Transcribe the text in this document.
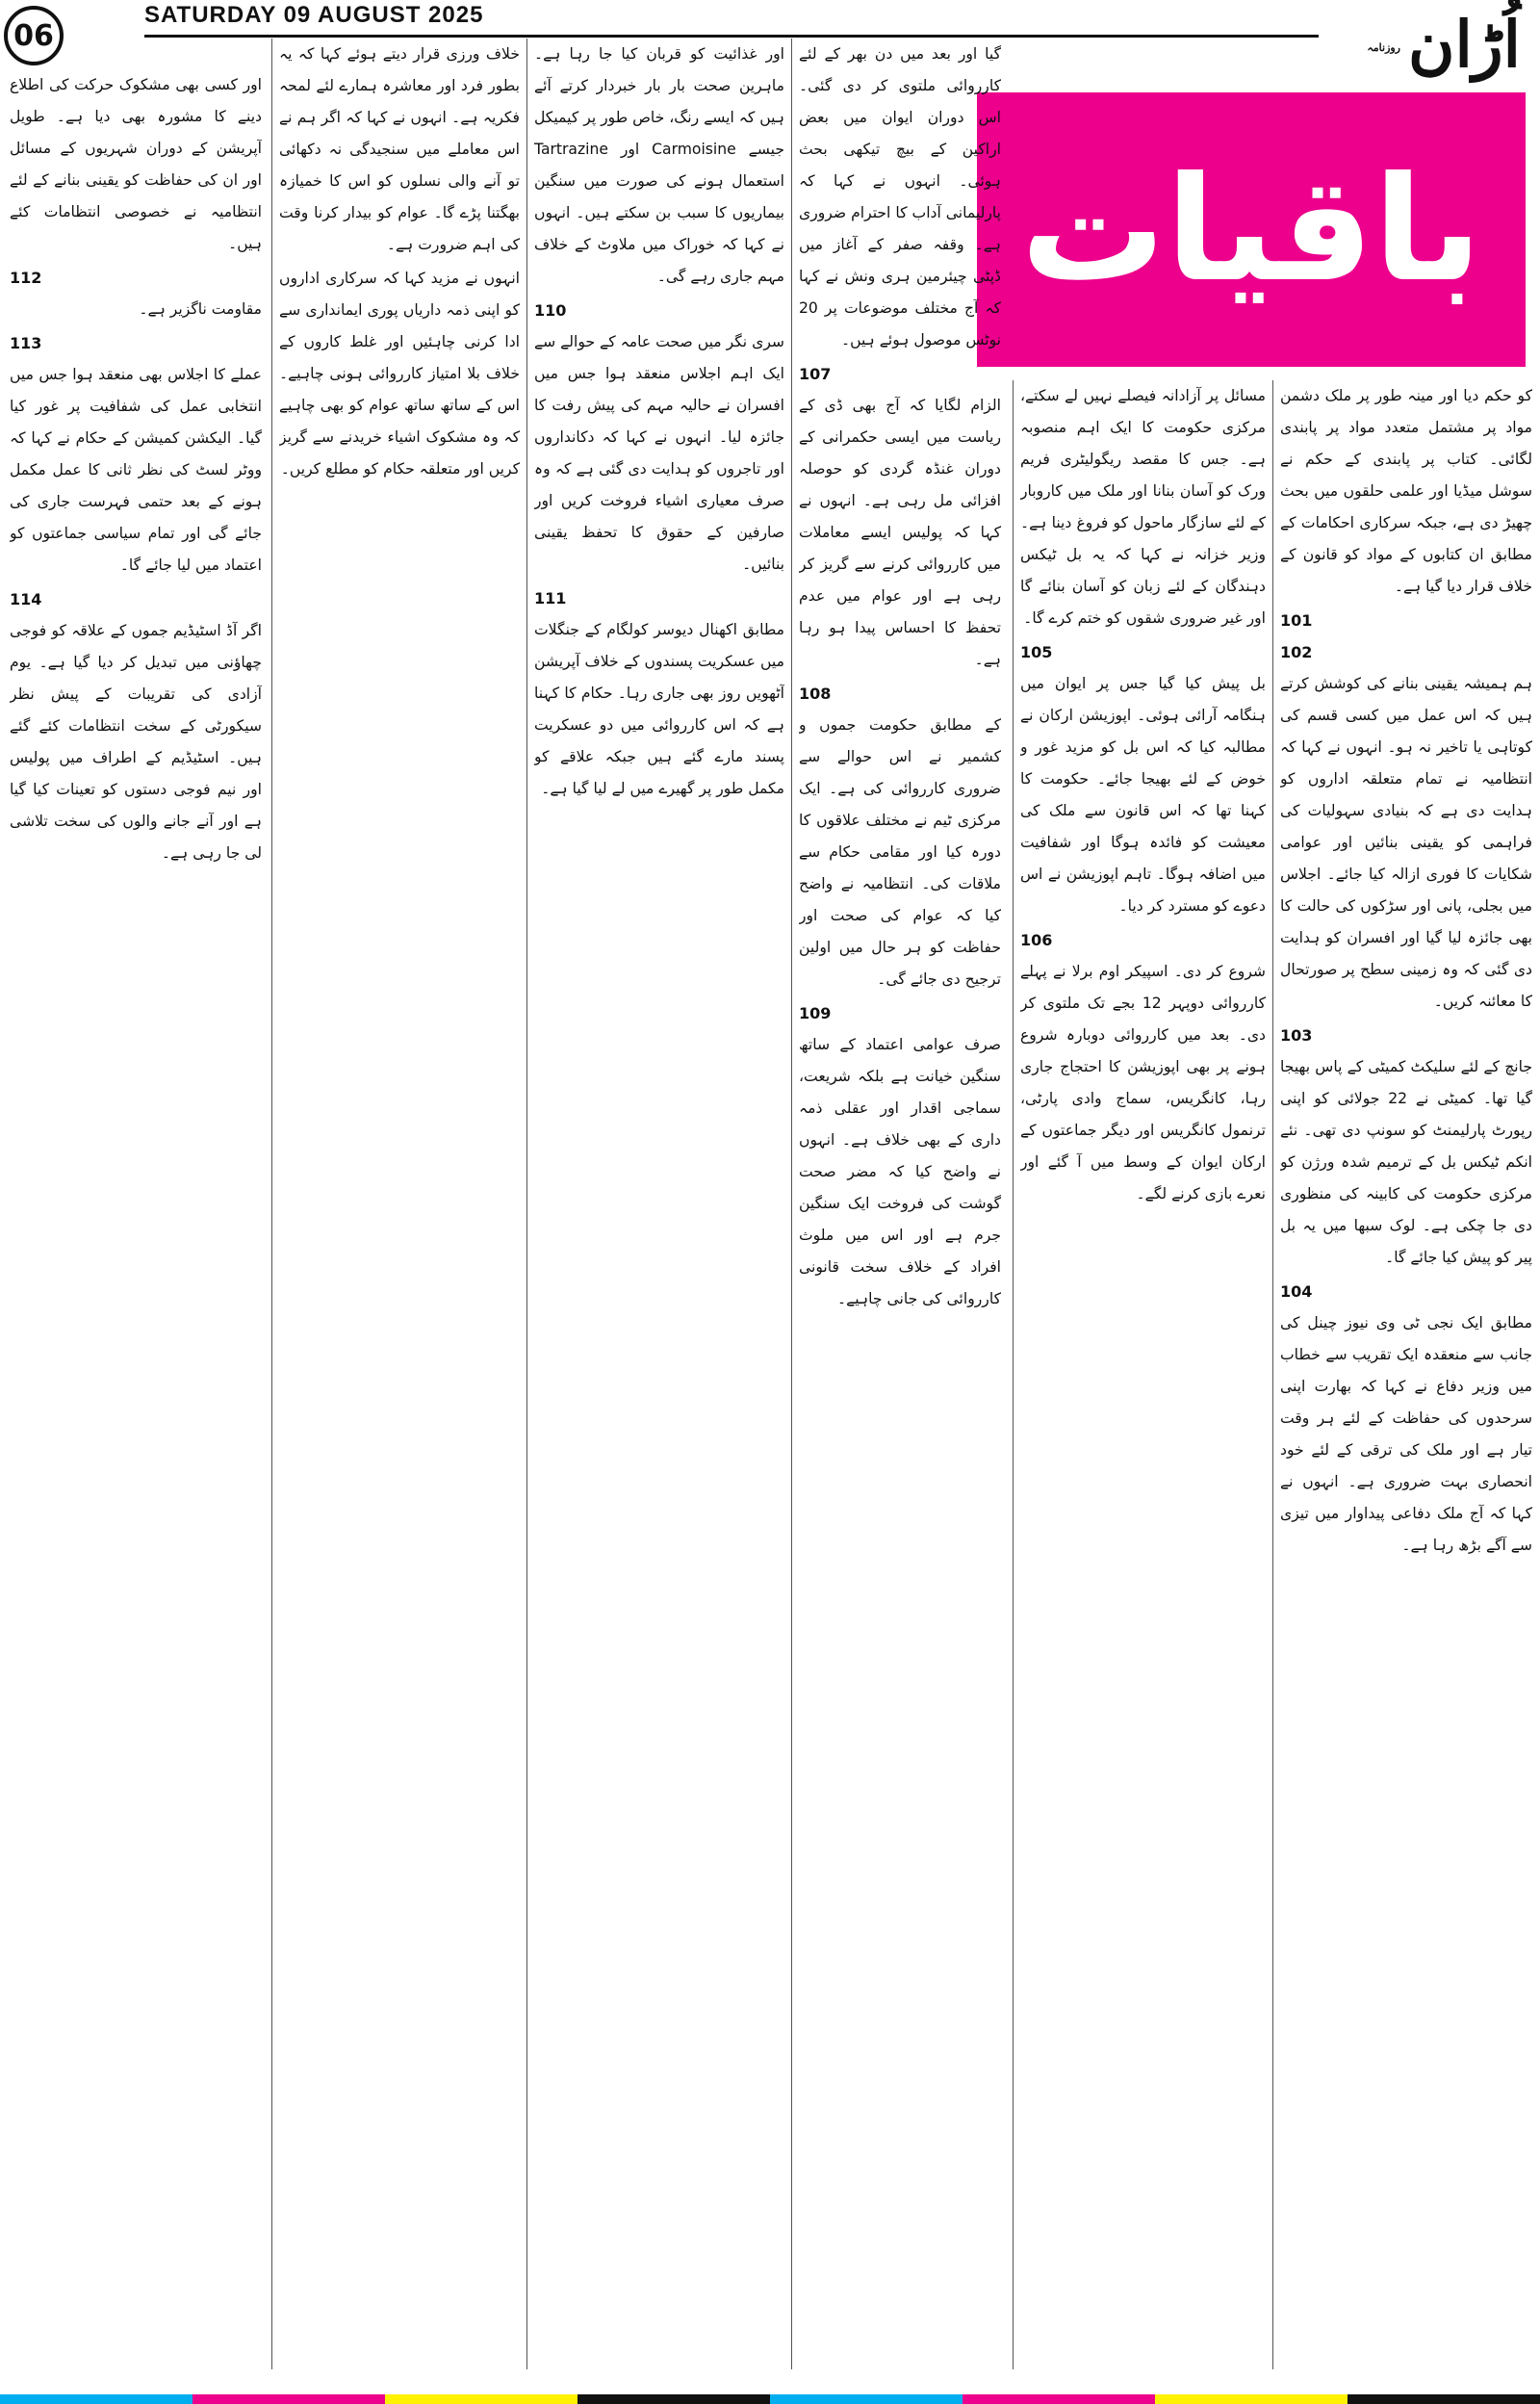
06
SATURDAY 09 AUGUST 2025
روزنامہ اُڑان
باقیات

کو حکم دیا اور مینہ طور پر ملک دشمن مواد پر مشتمل متعدد مواد پر پابندی لگائی۔ کتاب پر پابندی کے حکم نے سوشل میڈیا اور علمی حلقوں میں بحث چھیڑ دی ہے، جبکہ سرکاری احکامات کے مطابق ان کتابوں کے مواد کو قانون کے خلاف قرار دیا گیا ہے۔

101
102

ہم ہمیشہ یقینی بنانے کی کوشش کرتے ہیں کہ اس عمل میں کسی قسم کی کوتاہی یا تاخیر نہ ہو۔ انہوں نے کہا کہ انتظامیہ نے تمام متعلقہ اداروں کو ہدایت دی ہے کہ بنیادی سہولیات کی فراہمی کو یقینی بنائیں اور عوامی شکایات کا فوری ازالہ کیا جائے۔ اجلاس میں بجلی، پانی اور سڑکوں کی حالت کا بھی جائزہ لیا گیا اور افسران کو ہدایت دی گئی کہ وہ زمینی سطح پر صورتحال کا معائنہ کریں۔

103

جانچ کے لئے سلیکٹ کمیٹی کے پاس بھیجا گیا تھا۔ کمیٹی نے 22 جولائی کو اپنی رپورٹ پارلیمنٹ کو سونپ دی تھی۔ نئے انکم ٹیکس بل کے ترمیم شدہ ورژن کو مرکزی حکومت کی کابینہ کی منظوری دی جا چکی ہے۔ لوک سبھا میں یہ بل پیر کو پیش کیا جائے گا۔

104

مطابق ایک نجی ٹی وی نیوز چینل کی جانب سے منعقدہ ایک تقریب سے خطاب میں وزیر دفاع نے کہا کہ بھارت اپنی سرحدوں کی حفاظت کے لئے ہر وقت تیار ہے اور ملک کی ترقی کے لئے خود انحصاری بہت ضروری ہے۔ انہوں نے کہا کہ آج ملک دفاعی پیداوار میں تیزی سے آگے بڑھ رہا ہے۔

مسائل پر آزادانہ فیصلے نہیں لے سکتے، مرکزی حکومت کا ایک اہم منصوبہ ہے۔ جس کا مقصد ریگولیٹری فریم ورک کو آسان بنانا اور ملک میں کاروبار کے لئے سازگار ماحول کو فروغ دینا ہے۔ وزیر خزانہ نے کہا کہ یہ بل ٹیکس دہندگان کے لئے زبان کو آسان بنائے گا اور غیر ضروری شقوں کو ختم کرے گا۔

105

بل پیش کیا گیا جس پر ایوان میں ہنگامہ آرائی ہوئی۔ اپوزیشن ارکان نے مطالبہ کیا کہ اس بل کو مزید غور و خوض کے لئے بھیجا جائے۔ حکومت کا کہنا تھا کہ اس قانون سے ملک کی معیشت کو فائدہ ہوگا اور شفافیت میں اضافہ ہوگا۔ تاہم اپوزیشن نے اس دعوے کو مسترد کر دیا۔

106

شروع کر دی۔ اسپیکر اوم برلا نے پہلے کارروائی دوپہر 12 بجے تک ملتوی کر دی۔ بعد میں کارروائی دوبارہ شروع ہونے پر بھی اپوزیشن کا احتجاج جاری رہا، کانگریس، سماج وادی پارٹی، ترنمول کانگریس اور دیگر جماعتوں کے ارکان ایوان کے وسط میں آ گئے اور نعرے بازی کرنے لگے۔

گیا اور بعد میں دن بھر کے لئے کارروائی ملتوی کر دی گئی۔ اس دوران ایوان میں بعض اراکین کے بیچ تیکھی بحث ہوئی۔ انہوں نے کہا کہ پارلیمانی آداب کا احترام ضروری ہے۔ وقفہ صفر کے آغاز میں ڈپٹی چیئرمین ہری ونش نے کہا کہ آج مختلف موضوعات پر 20 نوٹس موصول ہوئے ہیں۔

107

الزام لگایا کہ آج بھی ڈی کے ریاست میں ایسی حکمرانی کے دوران غنڈہ گردی کو حوصلہ افزائی مل رہی ہے۔ انہوں نے کہا کہ پولیس ایسے معاملات میں کارروائی کرنے سے گریز کر رہی ہے اور عوام میں عدم تحفظ کا احساس پیدا ہو رہا ہے۔

108

کے مطابق حکومت جموں و کشمیر نے اس حوالے سے ضروری کارروائی کی ہے۔ ایک مرکزی ٹیم نے مختلف علاقوں کا دورہ کیا اور مقامی حکام سے ملاقات کی۔ انتظامیہ نے واضح کیا کہ عوام کی صحت اور حفاظت کو ہر حال میں اولین ترجیح دی جائے گی۔

109

صرف عوامی اعتماد کے ساتھ سنگین خیانت ہے بلکہ شریعت، سماجی اقدار اور عقلی ذمہ داری کے بھی خلاف ہے۔ انہوں نے واضح کیا کہ مضر صحت گوشت کی فروخت ایک سنگین جرم ہے اور اس میں ملوث افراد کے خلاف سخت قانونی کارروائی کی جانی چاہیے۔

اور غذائیت کو قربان کیا جا رہا ہے۔ ماہرین صحت بار بار خبردار کرتے آئے ہیں کہ ایسے رنگ، خاص طور پر کیمیکل جیسے Carmoisine اور Tartrazine استعمال ہونے کی صورت میں سنگین بیماریوں کا سبب بن سکتے ہیں۔ انہوں نے کہا کہ خوراک میں ملاوٹ کے خلاف مہم جاری رہے گی۔

110

سری نگر میں صحت عامہ کے حوالے سے ایک اہم اجلاس منعقد ہوا جس میں افسران نے حالیہ مہم کی پیش رفت کا جائزہ لیا۔ انہوں نے کہا کہ دکانداروں اور تاجروں کو ہدایت دی گئی ہے کہ وہ صرف معیاری اشیاء فروخت کریں اور صارفین کے حقوق کا تحفظ یقینی بنائیں۔

111

مطابق اکھنال دیوسر کولگام کے جنگلات میں عسکریت پسندوں کے خلاف آپریشن آٹھویں روز بھی جاری رہا۔ حکام کا کہنا ہے کہ اس کارروائی میں دو عسکریت پسند مارے گئے ہیں جبکہ علاقے کو مکمل طور پر گھیرے میں لے لیا گیا ہے۔

خلاف ورزی قرار دیتے ہوئے کہا کہ یہ بطور فرد اور معاشرہ ہمارے لئے لمحہ فکریہ ہے۔ انہوں نے کہا کہ اگر ہم نے اس معاملے میں سنجیدگی نہ دکھائی تو آنے والی نسلوں کو اس کا خمیازہ بھگتنا پڑے گا۔ عوام کو بیدار کرنا وقت کی اہم ضرورت ہے۔

انہوں نے مزید کہا کہ سرکاری اداروں کو اپنی ذمہ داریاں پوری ایمانداری سے ادا کرنی چاہئیں اور غلط کاروں کے خلاف بلا امتیاز کارروائی ہونی چاہیے۔ اس کے ساتھ ساتھ عوام کو بھی چاہیے کہ وہ مشکوک اشیاء خریدنے سے گریز کریں اور متعلقہ حکام کو مطلع کریں۔

اور کسی بھی مشکوک حرکت کی اطلاع دینے کا مشورہ بھی دیا ہے۔ طویل آپریشن کے دوران شہریوں کے مسائل اور ان کی حفاظت کو یقینی بنانے کے لئے انتظامیہ نے خصوصی انتظامات کئے ہیں۔

112

مقاومت ناگزیر ہے۔

113

عملے کا اجلاس بھی منعقد ہوا جس میں انتخابی عمل کی شفافیت پر غور کیا گیا۔ الیکشن کمیشن کے حکام نے کہا کہ ووٹر لسٹ کی نظر ثانی کا عمل مکمل ہونے کے بعد حتمی فہرست جاری کی جائے گی اور تمام سیاسی جماعتوں کو اعتماد میں لیا جائے گا۔

114

اگر آڈ اسٹیڈیم جموں کے علاقہ کو فوجی چھاؤنی میں تبدیل کر دیا گیا ہے۔ یوم آزادی کی تقریبات کے پیش نظر سیکورٹی کے سخت انتظامات کئے گئے ہیں۔ اسٹیڈیم کے اطراف میں پولیس اور نیم فوجی دستوں کو تعینات کیا گیا ہے اور آنے جانے والوں کی سخت تلاشی لی جا رہی ہے۔
